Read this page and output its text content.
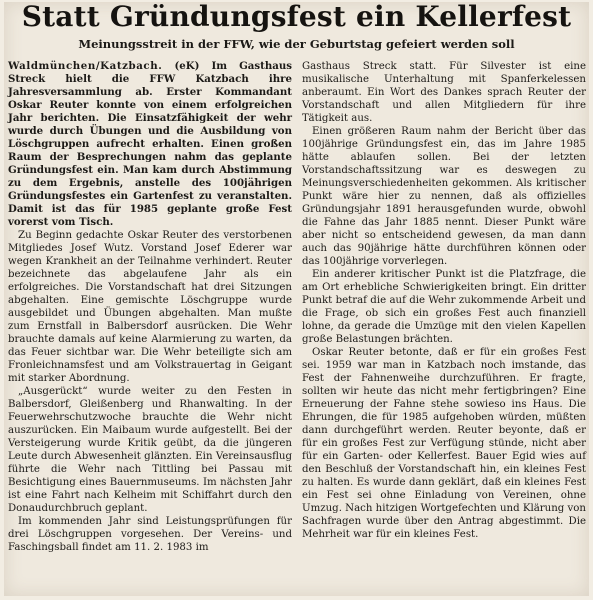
Statt Gründungsfest ein Kellerfest
Meinungsstreit in der FFW, wie der Geburtstag gefeiert werden soll

Waldmünchen/Katzbach. (eK) Im Gasthaus Streck hielt die FFW Katzbach ihre Jahresversammlung ab. Erster Kommandant Oskar Reuter konnte von einem erfolgreichen Jahr berichten. Die Einsatzfähigkeit der wehr wurde durch Übungen und die Ausbildung von Löschgruppen aufrecht erhalten. Einen großen Raum der Besprechungen nahm das geplante Gründungsfest ein. Man kam durch Abstimmung zu dem Ergebnis, anstelle des 100jährigen Gründungsfestes ein Gartenfest zu veranstalten. Damit ist das für 1985 geplante große Fest vorerst vom Tisch.

Zu Beginn gedachte Oskar Reuter des verstorbenen Mitgliedes Josef Wutz. Vorstand Josef Ederer war wegen Krankheit an der Teilnahme verhindert. Reuter bezeichnete das abgelaufene Jahr als ein erfolgreiches. Die Vorstandschaft hat drei Sitzungen abgehalten. Eine gemischte Löschgruppe wurde ausgebildet und Übungen abgehalten. Man mußte zum Ernstfall in Balbersdorf ausrücken. Die Wehr brauchte damals auf keine Alarmierung zu warten, da das Feuer sichtbar war. Die Wehr beteiligte sich am Fronleichnamsfest und am Volkstrauertag in Geigant mit starker Abordnung.

„Ausgerückt“ wurde weiter zu den Festen in Balbersdorf, Gleißenberg und Rhanwalting. In der Feuerwehrschutzwoche brauchte die Wehr nicht auszurücken. Ein Maibaum wurde aufgestellt. Bei der Versteigerung wurde Kritik geübt, da die jüngeren Leute durch Abwesenheit glänzten. Ein Vereinsausflug führte die Wehr nach Tittling bei Passau mit Besichtigung eines Bauernmuseums. Im nächsten Jahr ist eine Fahrt nach Kelheim mit Schiffahrt durch den Donaudurchbruch geplant.

Im kommenden Jahr sind Leistungsprüfungen für drei Löschgruppen vorgesehen. Der Vereins- und Faschingsball findet am 11. 2. 1983 im

Gasthaus Streck statt. Für Silvester ist eine musikalische Unterhaltung mit Spanferkelessen anberaumt. Ein Wort des Dankes sprach Reuter der Vorstandschaft und allen Mitgliedern für ihre Tätigkeit aus.

Einen größeren Raum nahm der Bericht über das 100jährige Gründungsfest ein, das im Jahre 1985 hätte ablaufen sollen. Bei der letzten Vorstandschaftssitzung war es deswegen zu Meinungsverschiedenheiten gekommen. Als kritischer Punkt wäre hier zu nennen, daß als offizielles Gründungsjahr 1891 herausgefunden wurde, obwohl die Fahne das Jahr 1885 nennt. Dieser Punkt wäre aber nicht so entscheidend gewesen, da man dann auch das 90jährige hätte durchführen können oder das 100jährige vorverlegen.

Ein anderer kritischer Punkt ist die Platzfrage, die am Ort erhebliche Schwierigkeiten bringt. Ein dritter Punkt betraf die auf die Wehr zukommende Arbeit und die Frage, ob sich ein großes Fest auch finanziell lohne, da gerade die Umzüge mit den vielen Kapellen große Belastungen brächten.

Oskar Reuter betonte, daß er für ein großes Fest sei. 1959 war man in Katzbach noch imstande, das Fest der Fahnenweihe durchzuführen. Er fragte, sollten wir heute das nicht mehr fertigbringen? Eine Erneuerung der Fahne stehe sowieso ins Haus. Die Ehrungen, die für 1985 aufgehoben würden, müßten dann durchgeführt werden. Reuter beyonte, daß er für ein großes Fest zur Verfügung stünde, nicht aber für ein Garten- oder Kellerfest. Bauer Egid wies auf den Beschluß der Vorstandschaft hin, ein kleines Fest zu halten. Es wurde dann geklärt, daß ein kleines Fest ein Fest sei ohne Einladung von Vereinen, ohne Umzug. Nach hitzigen Wortgefechten und Klärung von Sachfragen wurde über den Antrag abgestimmt. Die Mehrheit war für ein kleines Fest.
